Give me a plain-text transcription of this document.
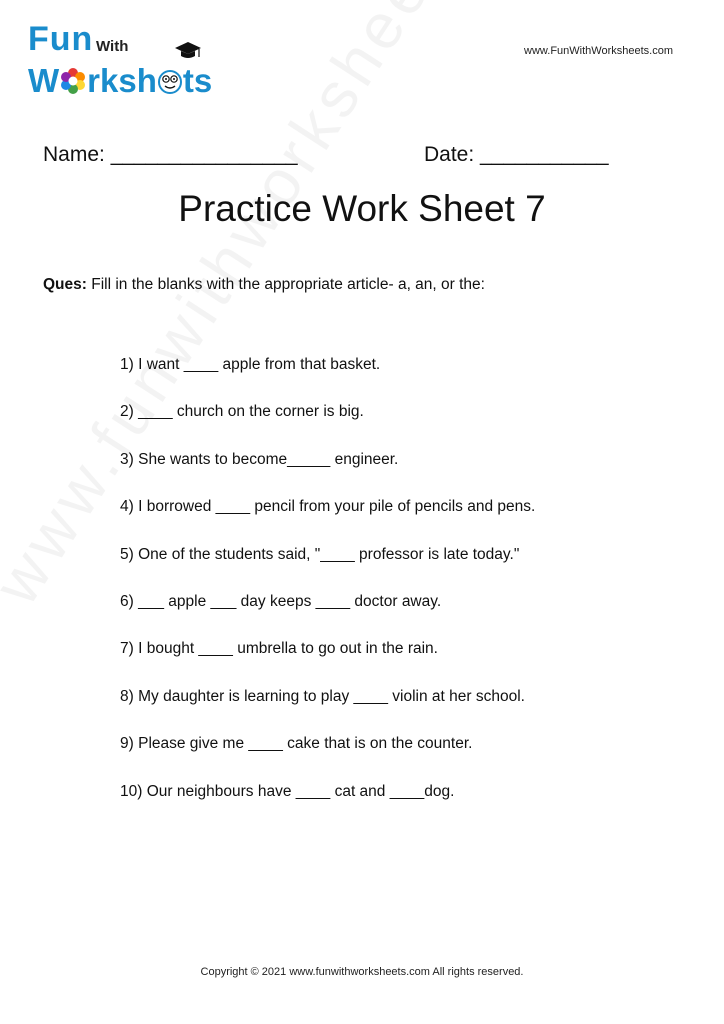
Fun With
W rksh ts
www.FunWithWorksheets.com
Name: ________________	Date: ___________
Practice Work Sheet 7
Ques: Fill in the blanks with the appropriate article- a, an, or the:
1) I want ____ apple from that basket.
2) ____ church on the corner is big.
3) She wants to become_____ engineer.
4) I borrowed ____ pencil from your pile of pencils and pens.
5) One of the students said, "____ professor is late today."
6) ___ apple ___ day keeps ____ doctor away.
7) I bought ____ umbrella to go out in the rain.
8) My daughter is learning to play ____ violin at her school.
9) Please give me ____ cake that is on the counter.
10) Our neighbours have ____ cat and ____dog.
Copyright © 2021 www.funwithworksheets.com All rights reserved.
